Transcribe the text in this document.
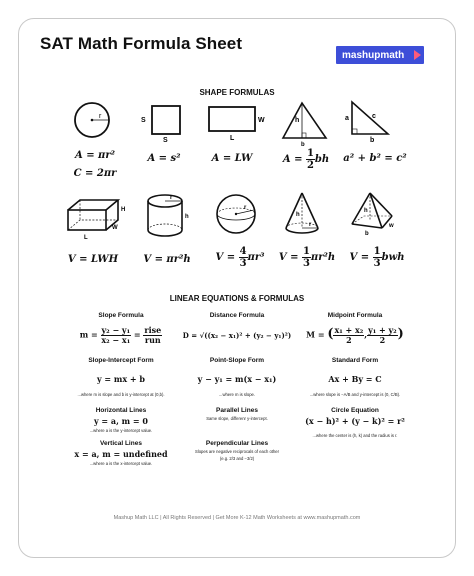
SAT Math Formula Sheet
mashupmath
SHAPE FORMULAS
r
S
S
W
L
h
b
a
b
c
A = πr²
C = 2πr
A = s²	A = LW	$A = \frac{1}{2}$ bh	a² + b² = c²
H
L
W
r
h
r
h
r
h
b
w
V = LWH	V = πr²h	$V = \frac{4}{3} \pi r^3$	$V = \frac{1}{3} \pi r^2h$	$V = \frac{1}{3}$ bwh
LINEAR EQUATIONS & FORMULAS
Slope Formula
$m = \frac{\text{y₂ − y₁}}{\text{x₂ − x₁}} = \frac{\text{rise}}{\text{run}}$
Distance Formula
D = √((x₂ − x₁)² + (y₂ − y₁)²)
Midpoint Formula
M = ( $\frac{\text{x₁ + x₂}}{2}$ , $\frac{\text{y₁ + y₂}}{2}$ )
Slope-Intercept Form
y = mx + b
...where m is slope and b is y-intercept at (0,b).
Point-Slope Form
y − y₁ = m(x − x₁)
...where m is slope.
Standard Form
Ax + By = C
...where slope is −A/B and y-intercept is (0, C/B).
Horizontal Lines
y = a, m = 0
...where a is the y-intercept value.
Parallel Lines
Same slope, differenr y-intercept.
Circle Equation
(x − h)² + (y − k)² = r²
...where the center is (h, k) and the radius is r.
Vertical Lines
x = a, m = undefined
...where a is the x-intercept value.
Perpendicular Lines
Slopes are negative reciprocals of each other
(e.g. 2/3 and −3/2)
Mashup Math LLC | All Rights Reserved | Get More K-12 Math Worksheets at www.mashupmath.com
